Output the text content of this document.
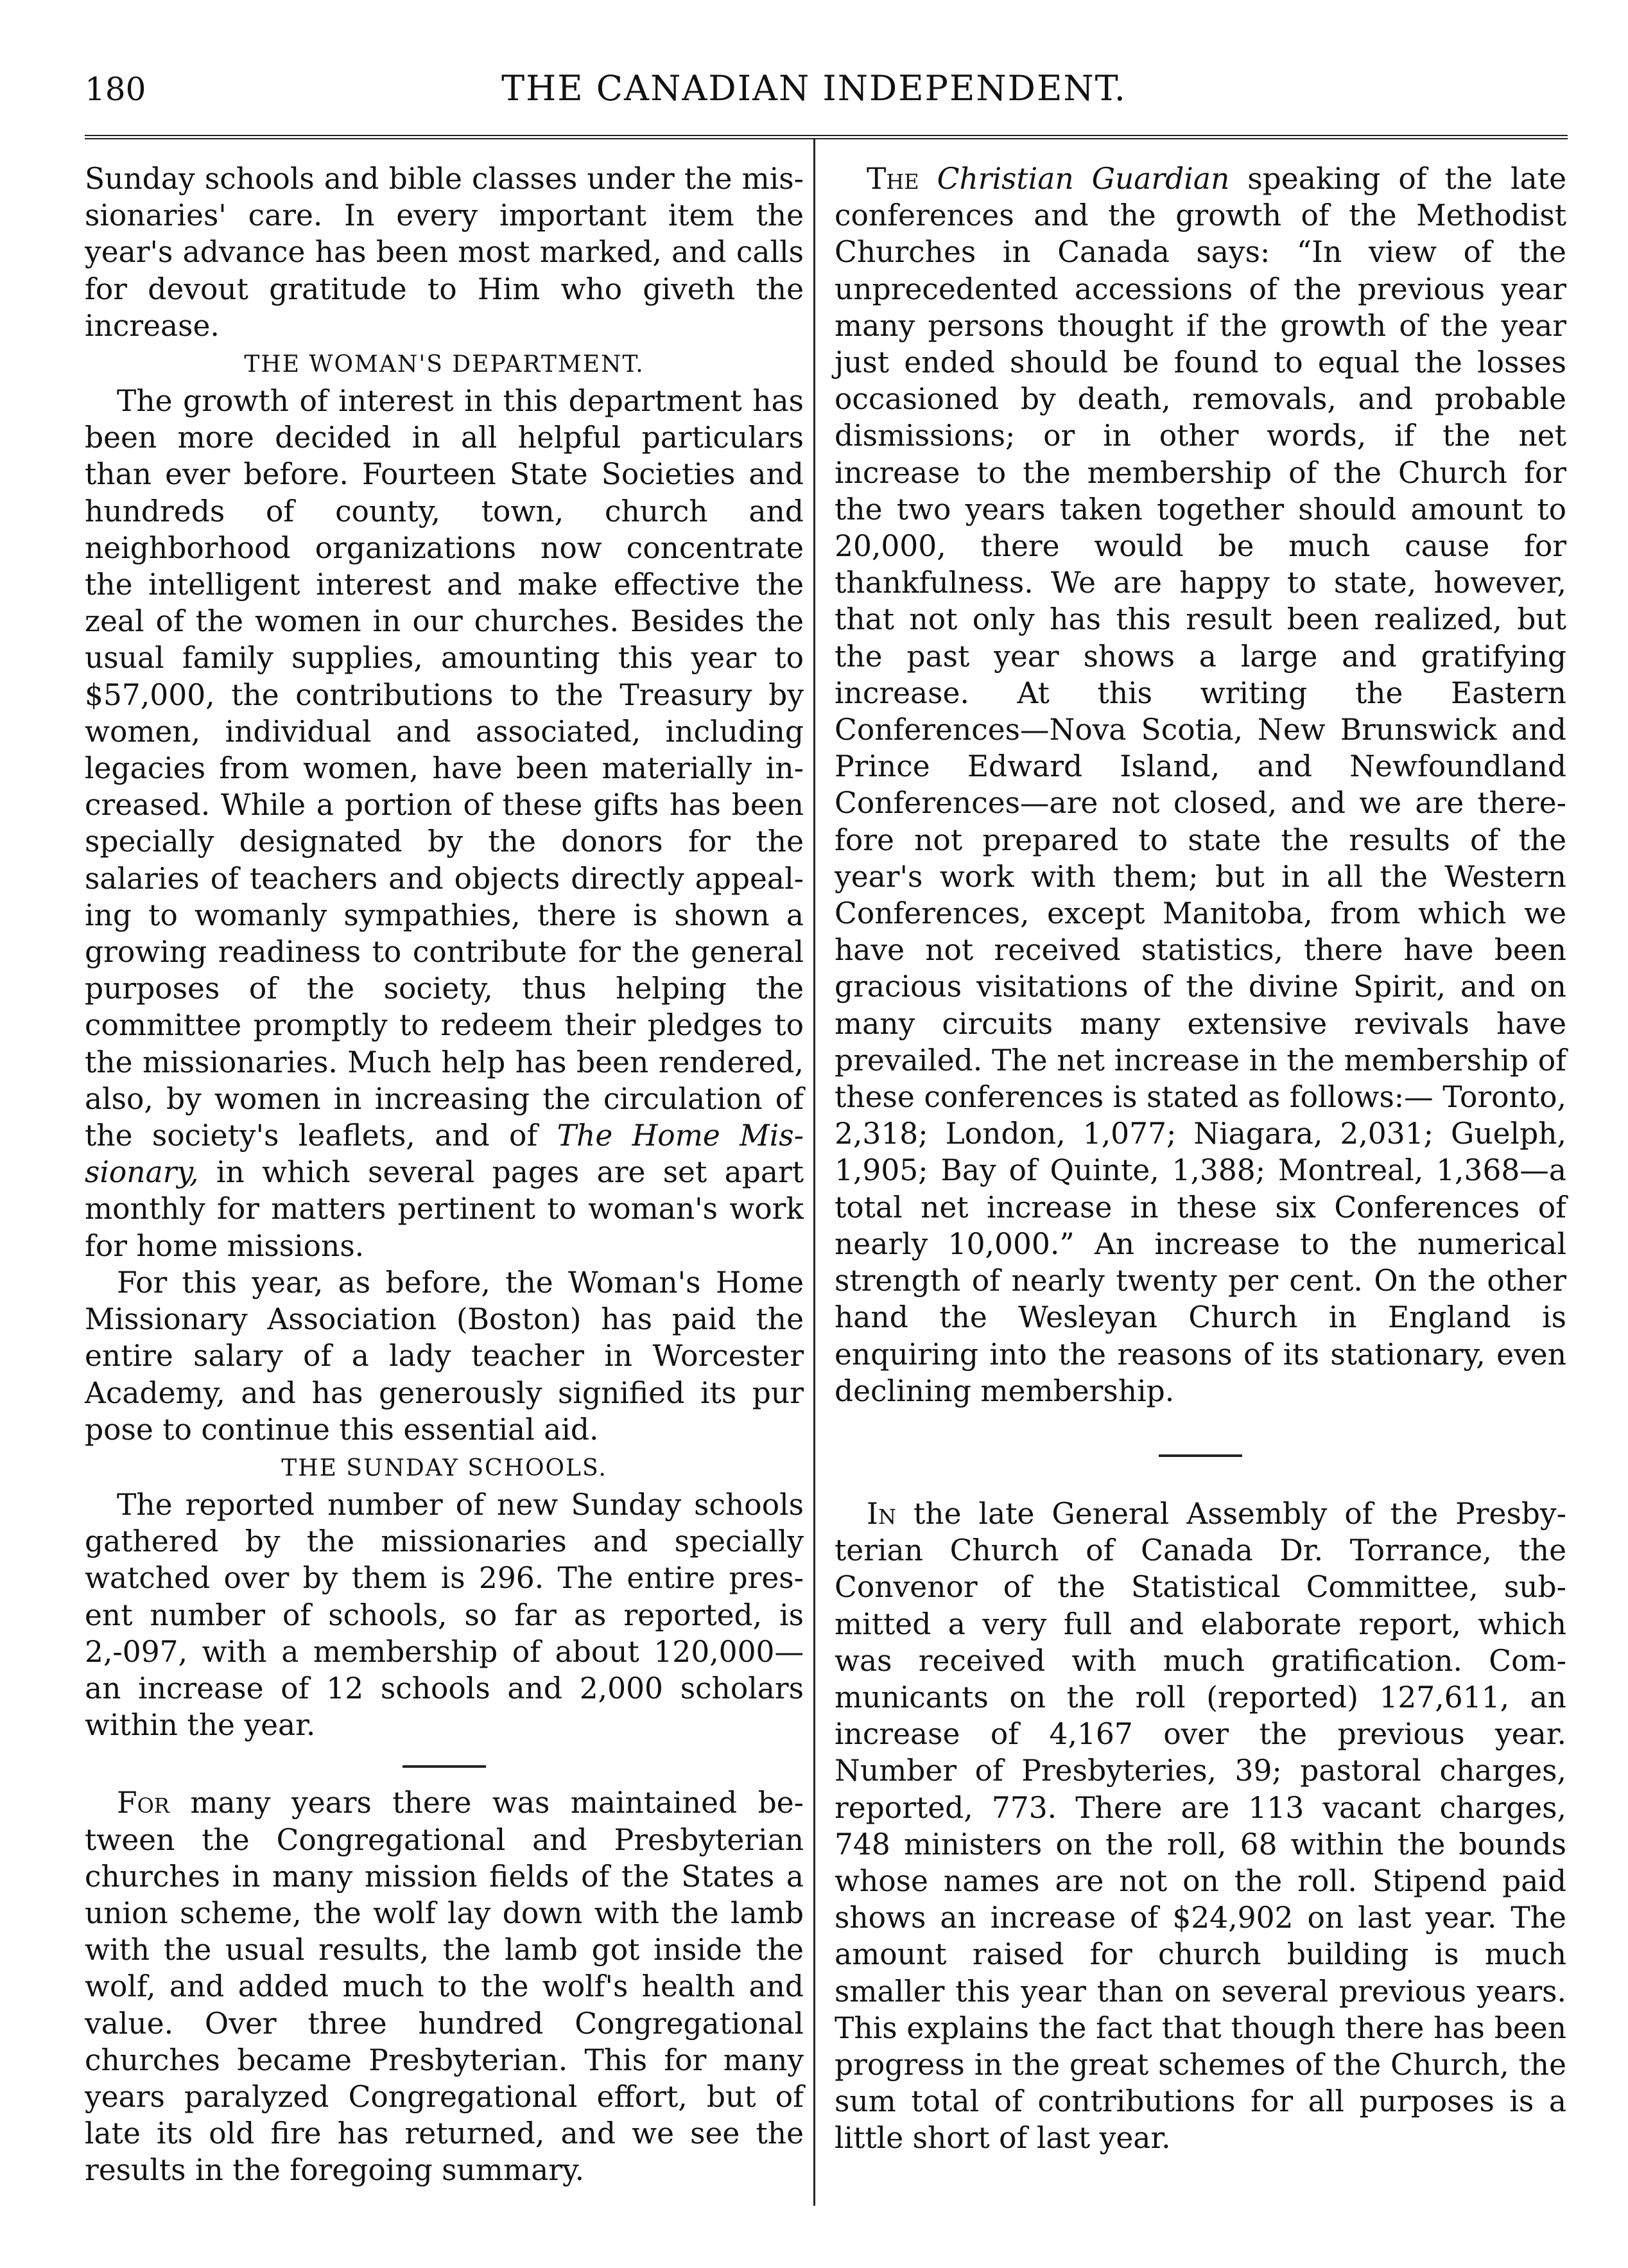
180	THE CANADIAN INDEPENDENT.

Sunday schools and bible classes under the missionaries' care. In every important item the year's advance has been most marked, and calls for devout gratitude to Him who giveth the increase.

THE WOMAN'S DEPARTMENT.

The growth of interest in this department has been more decided in all helpful particulars than ever before. Fourteen State Societies and hundreds of county, town, church and neighborhood organizations now concentrate the intelligent interest and make effective the zeal of the women in our churches. Besides the usual family supplies, amounting this year to $57,000, the contributions to the Treasury by women, individual and associated, including legacies from women, have been materially increased. While a portion of these gifts has been specially designated by the donors for the salaries of teachers and objects directly appealing to womanly sympathies, there is shown a growing readiness to contribute for the general purposes of the society, thus helping the committee promptly to redeem their pledges to the missionaries. Much help has been rendered, also, by women in increasing the circulation of the society's leaflets, and of The Home Missionary, in which several pages are set apart monthly for matters pertinent to woman's work for home missions.

For this year, as before, the Woman's Home Missionary Association (Boston) has paid the entire salary of a lady teacher in Worcester Academy, and has generously signified its pur pose to continue this essential aid.

THE SUNDAY SCHOOLS.

The reported number of new Sunday schools gathered by the missionaries and specially watched over by them is 296. The entire present number of schools, so far as reported, is 2,-097, with a membership of about 120,000—an increase of 12 schools and 2,000 scholars within the year.

For many years there was maintained between the Congregational and Presbyterian churches in many mission fields of the States a union scheme, the wolf lay down with the lamb with the usual results, the lamb got inside the wolf, and added much to the wolf's health and value. Over three hundred Congregational churches became Presbyterian. This for many years paralyzed Congregational effort, but of late its old fire has returned, and we see the results in the foregoing summary.

The Christian Guardian speaking of the late conferences and the growth of the Methodist Churches in Canada says: “In view of the unprecedented accessions of the previous year many persons thought if the growth of the year just ended should be found to equal the losses occasioned by death, removals, and probable dismissions; or in other words, if the net increase to the membership of the Church for the two years taken together should amount to 20,000, there would be much cause for thankfulness. We are happy to state, however, that not only has this result been realized, but the past year shows a large and gratifying increase. At this writing the Eastern Conferences—Nova Scotia, New Brunswick and Prince Edward Island, and Newfoundland Conferences—are not closed, and we are therefore not prepared to state the results of the year's work with them; but in all the Western Conferences, except Manitoba, from which we have not received statistics, there have been gracious visitations of the divine Spirit, and on many circuits many extensive revivals have prevailed. The net increase in the membership of these conferences is stated as follows:— Toronto, 2,318; London, 1,077; Niagara, 2,031; Guelph, 1,905; Bay of Quinte, 1,388; Montreal, 1,368—a total net increase in these six Conferences of nearly 10,000.” An increase to the numerical strength of nearly twenty per cent. On the other hand the Wesleyan Church in England is enquiring into the reasons of its stationary, even declining membership.

In the late General Assembly of the Presbyterian Church of Canada Dr. Torrance, the Convenor of the Statistical Committee, submitted a very full and elaborate report, which was received with much gratification. Communicants on the roll (reported) 127,611, an increase of 4,167 over the previous year. Number of Presbyteries, 39; pastoral charges, reported, 773. There are 113 vacant charges, 748 ministers on the roll, 68 within the bounds whose names are not on the roll. Stipend paid shows an increase of $24,902 on last year. The amount raised for church building is much smaller this year than on several previous years. This explains the fact that though there has been progress in the great schemes of the Church, the sum total of contributions for all purposes is a little short of last year.
